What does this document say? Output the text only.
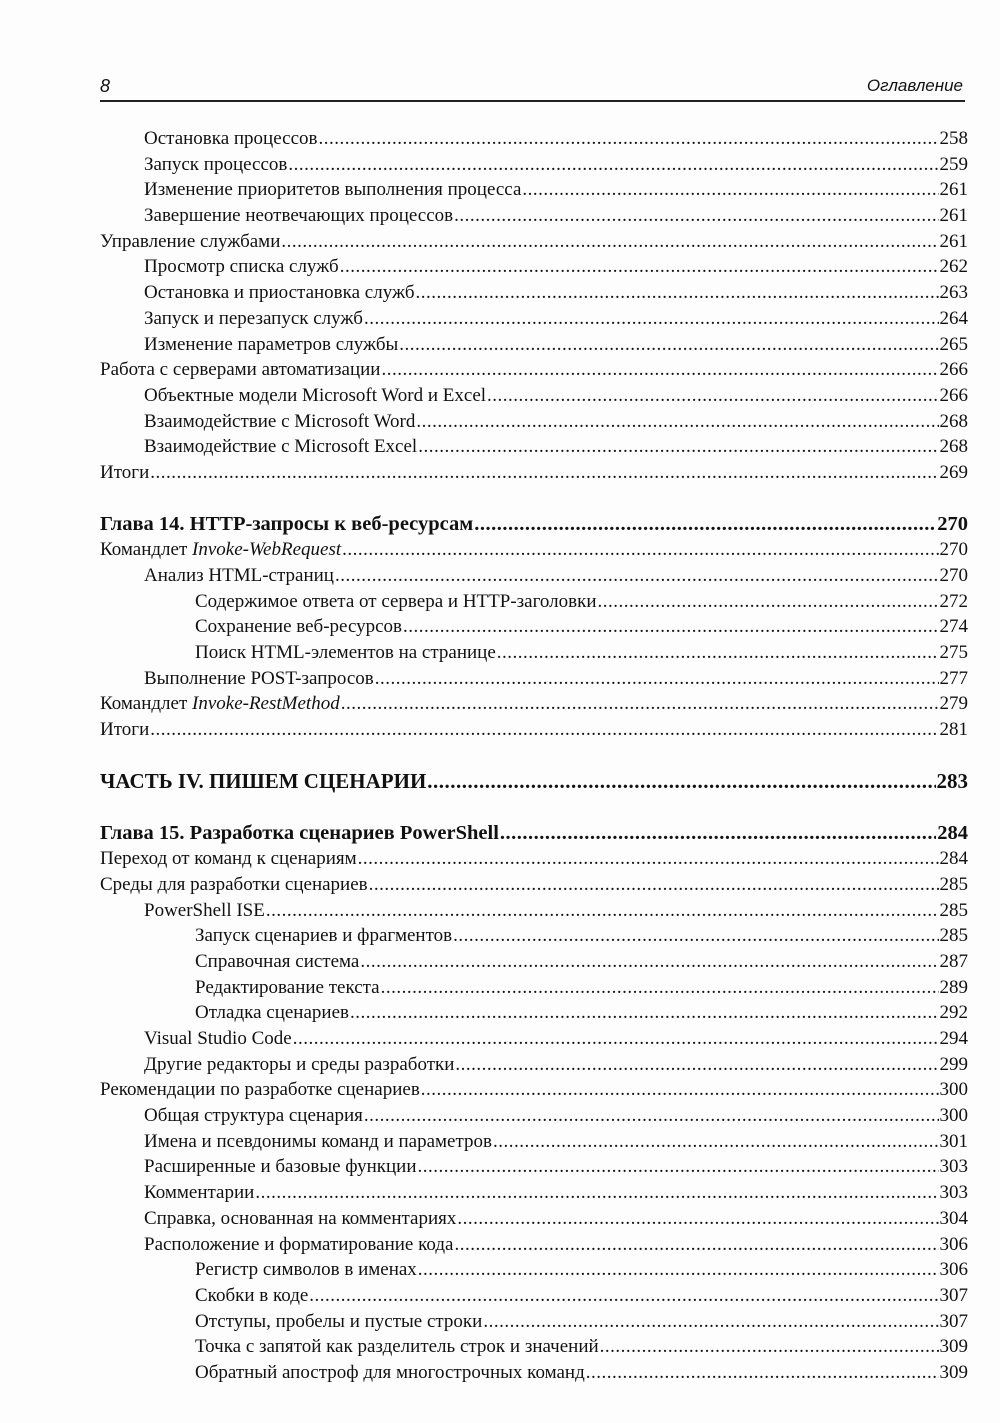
8	Оглавление
Остановка процессов .....	258
Запуск процессов .....	259
Изменение приоритетов выполнения процесса .....	261
Завершение неотвечающих процессов .....	261
Управление службами .....	261
Просмотр списка служб .....	262
Остановка и приостановка служб .....	263
Запуск и перезапуск служб .....	264
Изменение параметров службы .....	265
Работа с серверами автоматизации .....	266
Объектные модели Microsoft Word и Excel .....	266
Взаимодействие с Microsoft Word .....	268
Взаимодействие с Microsoft Excel .....	268
Итоги .....	269
Глава 14. HTTP-запросы к веб-ресурсам .....	270
Командлет Invoke-WebRequest .....	270
Анализ HTML-страниц .....	270
Содержимое ответа от сервера и HTTP-заголовки .....	272
Сохранение веб-ресурсов .....	274
Поиск HTML-элементов на странице .....	275
Выполнение POST-запросов .....	277
Командлет Invoke-RestMethod .....	279
Итоги .....	281
ЧАСТЬ IV. ПИШЕМ СЦЕНАРИИ .....	283
Глава 15. Разработка сценариев PowerShell .....	284
Переход от команд к сценариям .....	284
Среды для разработки сценариев .....	285
PowerShell ISE .....	285
Запуск сценариев и фрагментов .....	285
Справочная система .....	287
Редактирование текста .....	289
Отладка сценариев .....	292
Visual Studio Code .....	294
Другие редакторы и среды разработки .....	299
Рекомендации по разработке сценариев .....	300
Общая структура сценария .....	300
Имена и псевдонимы команд и параметров .....	301
Расширенные и базовые функции .....	303
Комментарии .....	303
Справка, основанная на комментариях .....	304
Расположение и форматирование кода .....	306
Регистр символов в именах .....	306
Скобки в коде .....	307
Отступы, пробелы и пустые строки .....	307
Точка с запятой как разделитель строк и значений .....	309
Обратный апостроф для многострочных команд .....	309
